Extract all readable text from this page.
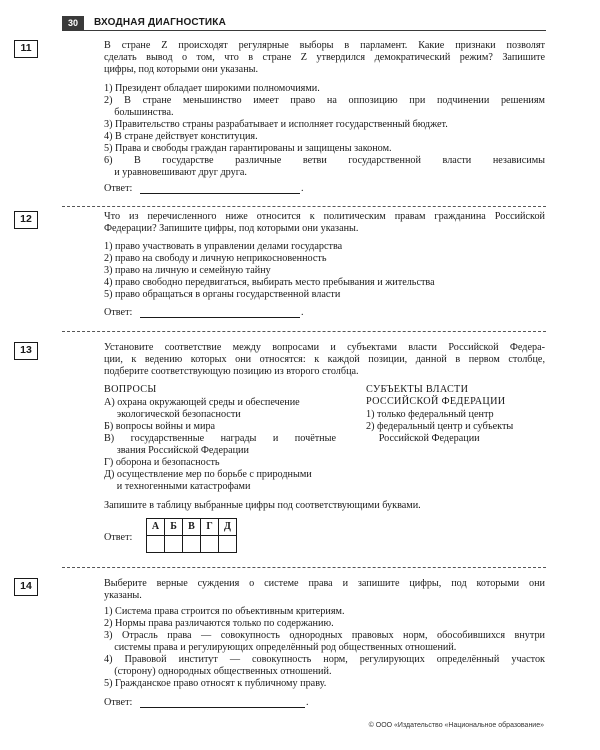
30	ВХОДНАЯ ДИАГНОСТИКА
11	В стране Z происходят регулярные выборы в парламент. Какие признаки позволят
сделать вывод о том, что в стране Z утвердился демократический режим? Запишите
цифры, под которыми они указаны.
1) Президент обладает широкими полномочиями.
2) В стране меньшинство имеет право на оппозицию при подчинении решениям
большинства.
3) Правительство страны разрабатывает и исполняет государственный бюджет.
4) В стране действует конституция.
5) Права и свободы граждан гарантированы и защищены законом.
6) В государстве различные ветви государственной власти независимы
и уравновешивают друг друга.
Ответ:	.
12	Что из перечисленного ниже относится к политическим правам гражданина Российской
Федерации? Запишите цифры, под которыми они указаны.
1) право участвовать в управлении делами государства
2) право на свободу и личную неприкосновенность
3) право на личную и семейную тайну
4) право свободно передвигаться, выбирать место пребывания и жительства
5) право обращаться в органы государственной власти
Ответ:	.
13	Установите соответствие между вопросами и субъектами власти Российской Федера-
ции, к ведению которых они относятся: к каждой позиции, данной в первом столбце,
подберите соответствующую позицию из второго столбца.
ВОПРОСЫ
А) охрана окружающей среды и обеспечение
экологической безопасности
Б) вопросы войны и мира
В) государственные награды и почётные
звания Российской Федерации
Г) оборона и безопасность
Д) осуществление мер по борьбе с природными
и техногенными катастрофами
СУБЪЕКТЫ ВЛАСТИ
РОССИЙСКОЙ ФЕДЕРАЦИИ
1) только федеральный центр
2) федеральный центр и субъекты
Российской Федерации
Запишите в таблицу выбранные цифры под соответствующими буквами.
Ответ:
А	Б	В	Г	Д

14	Выберите верные суждения о системе права и запишите цифры, под которыми они
указаны.
1) Система права строится по объективным критериям.
2) Нормы права различаются только по содержанию.
3) Отрасль права — совокупность однородных правовых норм, обособившихся внутри
системы права и регулирующих определённый род общественных отношений.
4) Правовой институт — совокупность норм, регулирующих определённый участок
(сторону) однородных общественных отношений.
5) Гражданское право относят к публичному праву.
Ответ:	.
© ООО «Издательство «Национальное образование»
